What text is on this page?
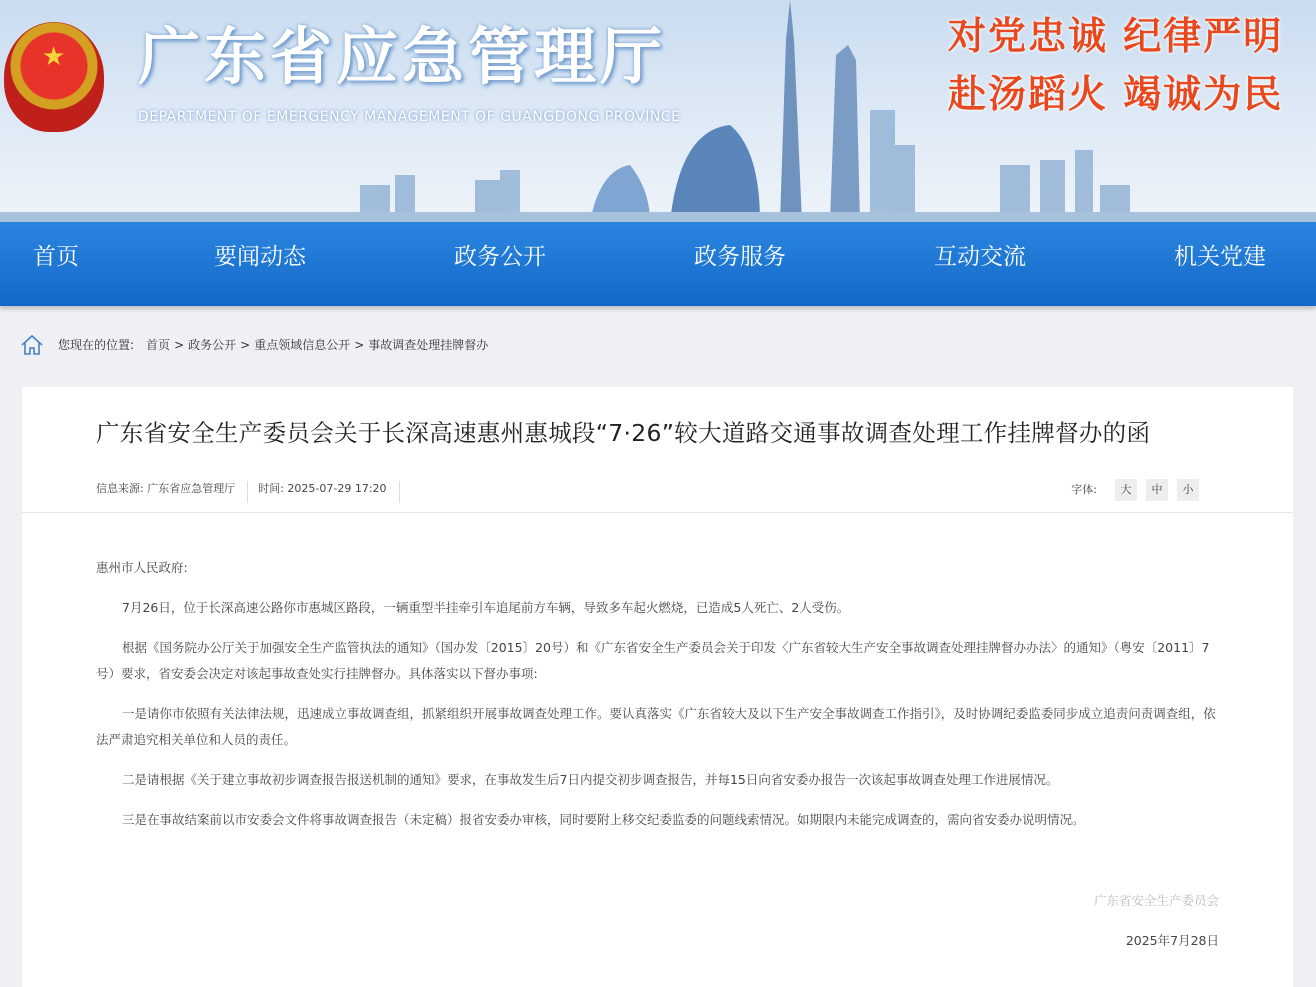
★ 广东省应急管理厅
DEPARTMENT OF EMERGENCY MANAGEMENT OF GUANGDONG PROVINCE
对党忠诚 纪律严明
赴汤蹈火 竭诚为民
首页	要闻动态	政务公开	政务服务	互动交流	机关党建
您现在的位置: 首页 > 政务公开 > 重点领域信息公开 > 事故调查处理挂牌督办
广东省安全生产委员会关于长深高速惠州惠城段“7·26”较大道路交通事故调查处理工作挂牌督办的函
信息来源: 广东省应急管理厅	时间: 2025-07-29 17:20	字体:	大	中	小

惠州市人民政府:

7月26日，位于长深高速公路你市惠城区路段，一辆重型半挂牵引车追尾前方车辆，导致多车起火燃烧，已造成5人死亡、2人受伤。

根据《国务院办公厅关于加强安全生产监管执法的通知》（国办发〔2015〕20号）和《广东省安全生产委员会关于印发〈广东省较大生产安全事故调查处理挂牌督办办法〉的通知》（粤安〔2011〕7号）要求，省安委会决定对该起事故查处实行挂牌督办。具体落实以下督办事项:

一是请你市依照有关法律法规，迅速成立事故调查组，抓紧组织开展事故调查处理工作。要认真落实《广东省较大及以下生产安全事故调查工作指引》，及时协调纪委监委同步成立追责问责调查组，依法严肃追究相关单位和人员的责任。

二是请根据《关于建立事故初步调查报告报送机制的通知》要求，在事故发生后7日内提交初步调查报告，并每15日向省安委办报告一次该起事故调查处理工作进展情况。

三是在事故结案前以市安委会文件将事故调查报告（未定稿）报省安委办审核，同时要附上移交纪委监委的问题线索情况。如期限内未能完成调查的，需向省安委办说明情况。

广东省安全生产委员会
2025年7月28日
